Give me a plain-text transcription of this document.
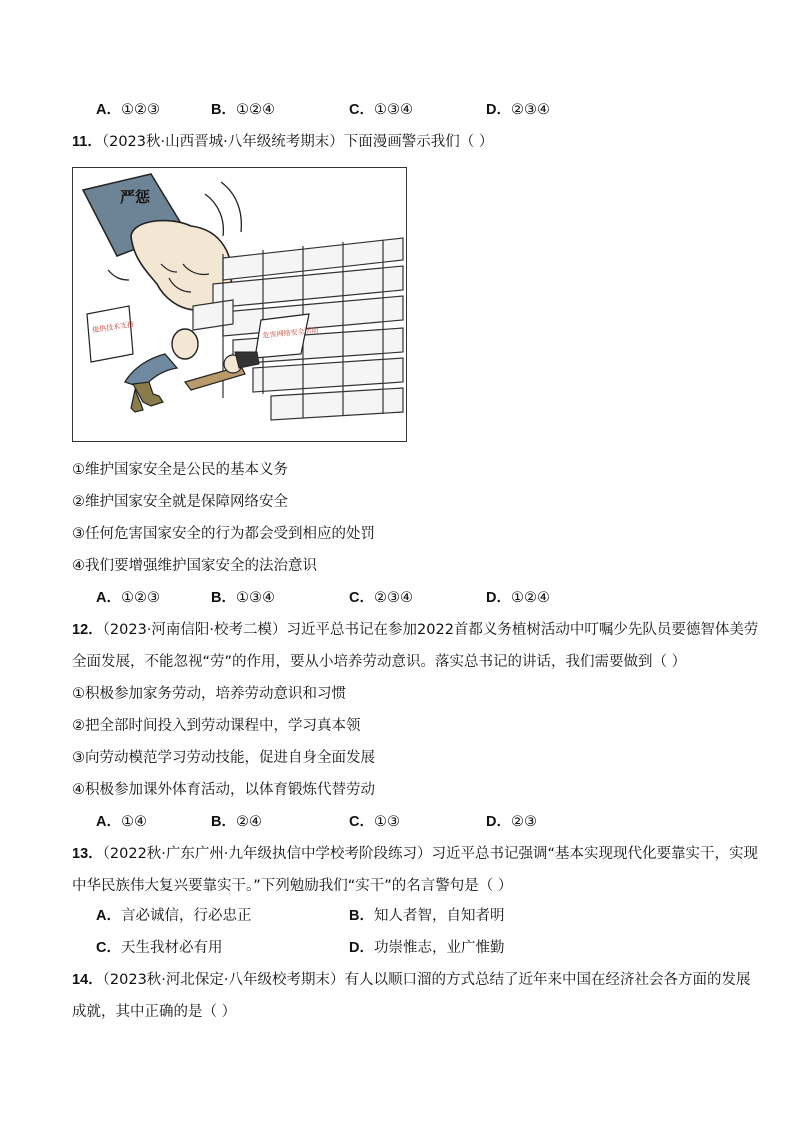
A．①②③	B．①②④	C．①③④	D．②③④
11．（2023秋·山西晋城·八年级统考期末）下面漫画警示我们（ ）
严惩
提供技术支持	危害网络安全活动
①维护国家安全是公民的基本义务
②维护国家安全就是保障网络安全
③任何危害国家安全的行为都会受到相应的处罚
④我们要增强维护国家安全的法治意识
A．①②③	B．①③④	C．②③④	D．①②④
12．（2023·河南信阳·校考二模）习近平总书记在参加2022首都义务植树活动中叮嘱少先队员要德智体美劳
全面发展，不能忽视“劳”的作用，要从小培养劳动意识。落实总书记的讲话，我们需要做到（ ）
①积极参加家务劳动，培养劳动意识和习惯
②把全部时间投入到劳动课程中，学习真本领
③向劳动模范学习劳动技能，促进自身全面发展
④积极参加课外体育活动，以体育锻炼代替劳动
A．①④	B．②④	C．①③	D．②③
13．（2022秋·广东广州·九年级执信中学校考阶段练习）习近平总书记强调“基本实现现代化要靠实干，实现
中华民族伟大复兴要靠实干。”下列勉励我们“实干”的名言警句是（ ）
A．言必诚信，行必忠正	B．知人者智，自知者明
C．天生我材必有用	D．功崇惟志，业广惟勤
14．（2023秋·河北保定·八年级校考期末）有人以顺口溜的方式总结了近年来中国在经济社会各方面的发展
成就，其中正确的是（ ）
